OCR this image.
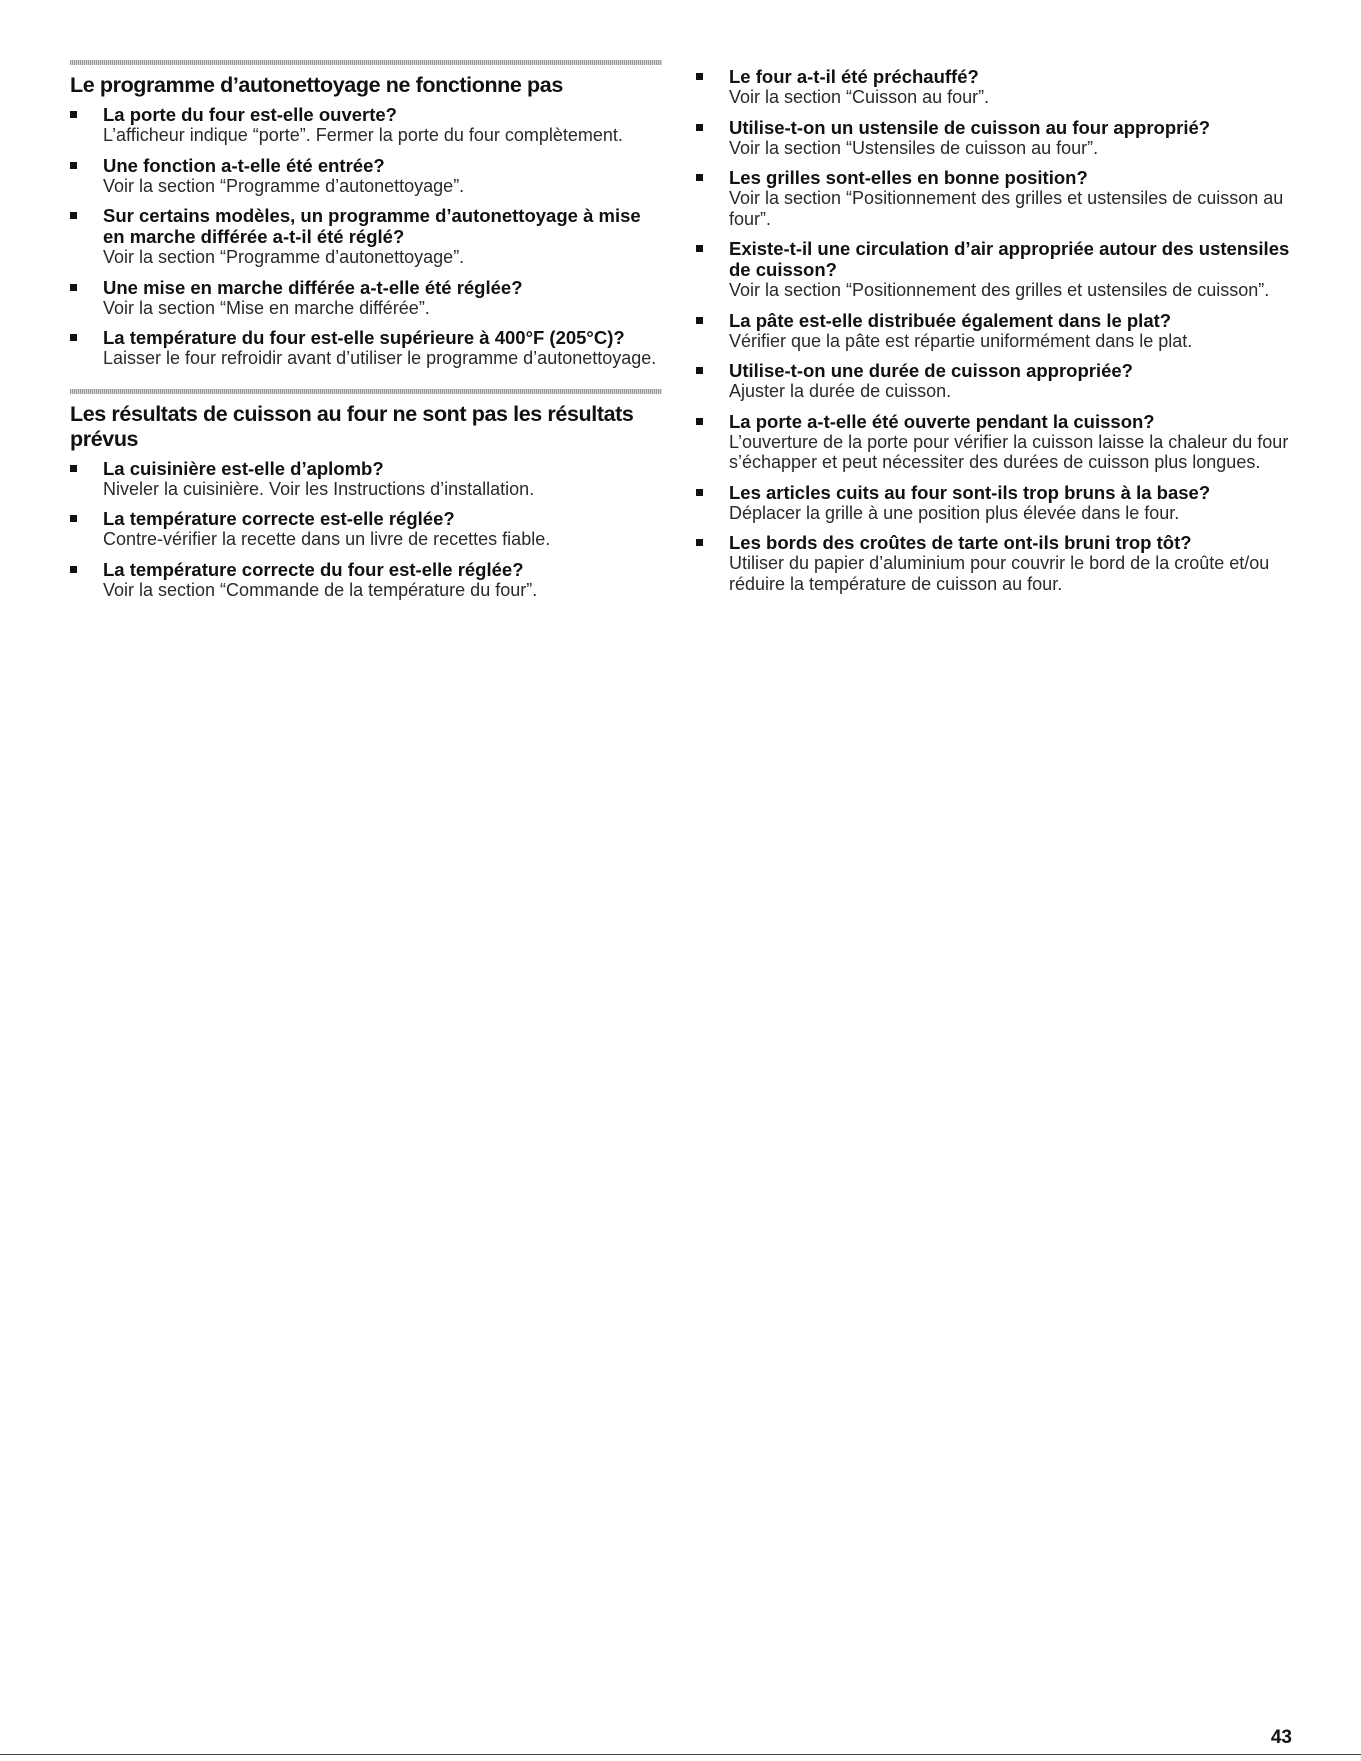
Le programme d’autonettoyage ne fonctionne pas
La porte du four est-elle ouverte?
L’afficheur indique “porte”. Fermer la porte du four complètement.
Une fonction a-t-elle été entrée?
Voir la section “Programme d’autonettoyage”.
Sur certains modèles, un programme d’autonettoyage à mise en marche différée a-t-il été réglé?
Voir la section “Programme d’autonettoyage”.
Une mise en marche différée a-t-elle été réglée?
Voir la section “Mise en marche différée”.
La température du four est-elle supérieure à 400°F (205°C)?
Laisser le four refroidir avant d’utiliser le programme d’autonettoyage.
Les résultats de cuisson au four ne sont pas les résultats prévus
La cuisinière est-elle d’aplomb?
Niveler la cuisinière. Voir les Instructions d’installation.
La température correcte est-elle réglée?
Contre-vérifier la recette dans un livre de recettes fiable.
La température correcte du four est-elle réglée?
Voir la section “Commande de la température du four”.
Le four a-t-il été préchauffé?
Voir la section “Cuisson au four”.
Utilise-t-on un ustensile de cuisson au four approprié?
Voir la section “Ustensiles de cuisson au four”.
Les grilles sont-elles en bonne position?
Voir la section “Positionnement des grilles et ustensiles de cuisson au four”.
Existe-t-il une circulation d’air appropriée autour des ustensiles de cuisson?
Voir la section “Positionnement des grilles et ustensiles de cuisson”.
La pâte est-elle distribuée également dans le plat?
Vérifier que la pâte est répartie uniformément dans le plat.
Utilise-t-on une durée de cuisson appropriée?
Ajuster la durée de cuisson.
La porte a-t-elle été ouverte pendant la cuisson?
L’ouverture de la porte pour vérifier la cuisson laisse la chaleur du four s’échapper et peut nécessiter des durées de cuisson plus longues.
Les articles cuits au four sont-ils trop bruns à la base?
Déplacer la grille à une position plus élevée dans le four.
Les bords des croûtes de tarte ont-ils bruni trop tôt?
Utiliser du papier d’aluminium pour couvrir le bord de la croûte et/ou réduire la température de cuisson au four.
43
